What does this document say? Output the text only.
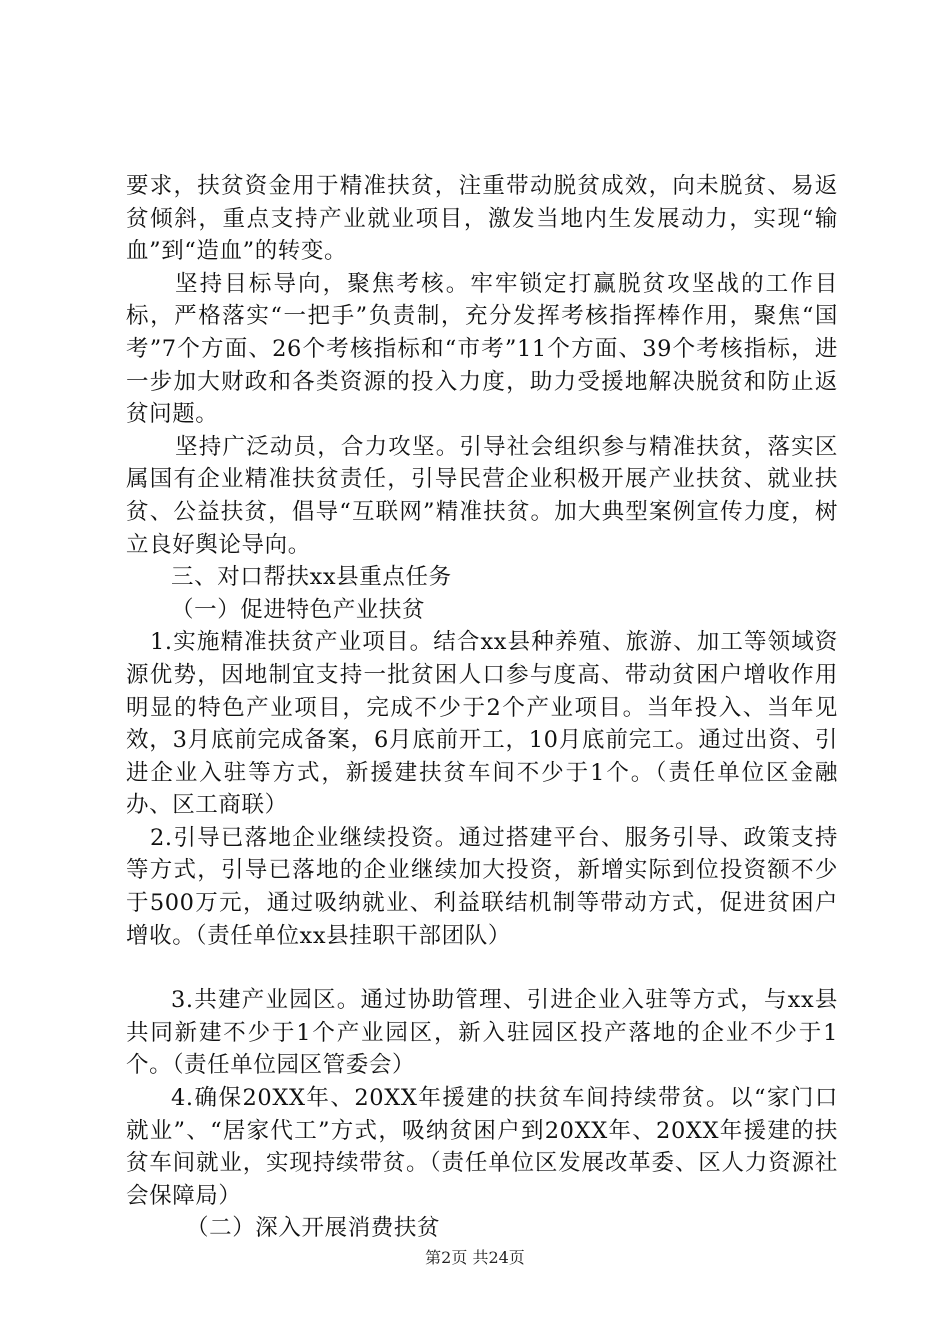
要求，扶贫资金用于精准扶贫，注重带动脱贫成效，向未脱贫、易返贫倾斜，重点支持产业就业项目，激发当地内生发展动力，实现“输血”到“造血”的转变。

坚持目标导向，聚焦考核。牢牢锁定打赢脱贫攻坚战的工作目标，严格落实“一把手”负责制，充分发挥考核指挥棒作用，聚焦“国考”7个方面、26个考核指标和“市考”11个方面、39个考核指标，进一步加大财政和各类资源的投入力度，助力受援地解决脱贫和防止返贫问题。

坚持广泛动员，合力攻坚。引导社会组织参与精准扶贫，落实区属国有企业精准扶贫责任，引导民营企业积极开展产业扶贫、就业扶贫、公益扶贫，倡导“互联网”精准扶贫。加大典型案例宣传力度，树立良好舆论导向。

三、对口帮扶xx县重点任务

（一）促进特色产业扶贫

1.实施精准扶贫产业项目。结合xx县种养殖、旅游、加工等领域资源优势，因地制宜支持一批贫困人口参与度高、带动贫困户增收作用明显的特色产业项目，完成不少于2个产业项目。当年投入、当年见效，3月底前完成备案，6月底前开工，10月底前完工。通过出资、引进企业入驻等方式，新援建扶贫车间不少于1个。（责任单位区金融办、区工商联）

2.引导已落地企业继续投资。通过搭建平台、服务引导、政策支持等方式，引导已落地的企业继续加大投资，新增实际到位投资额不少于500万元，通过吸纳就业、利益联结机制等带动方式，促进贫困户增收。（责任单位xx县挂职干部团队）

3.共建产业园区。通过协助管理、引进企业入驻等方式，与xx县共同新建不少于1个产业园区，新入驻园区投产落地的企业不少于1个。（责任单位园区管委会）

4.确保20XX年、20XX年援建的扶贫车间持续带贫。以“家门口就业”、“居家代工”方式，吸纳贫困户到20XX年、20XX年援建的扶贫车间就业，实现持续带贫。（责任单位区发展改革委、区人力资源社会保障局）

（二）深入开展消费扶贫

第2页 共24页
